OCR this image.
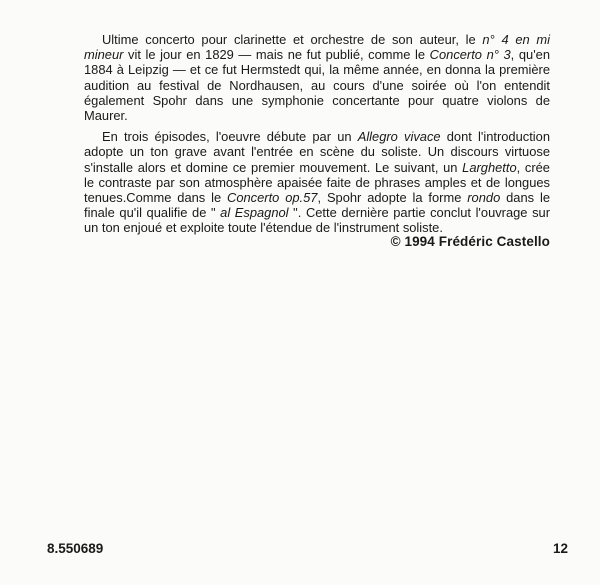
Ultime concerto pour clarinette et orchestre de son auteur, le n° 4 en mi mineur vit le jour en 1829 — mais ne fut publié, comme le Concerto n° 3, qu'en 1884 à Leipzig — et ce fut Hermstedt qui, la même année, en donna la première audition au festival de Nordhausen, au cours d'une soirée où l'on entendit également Spohr dans une symphonie concertante pour quatre violons de Maurer.

En trois épisodes, l'oeuvre débute par un Allegro vivace dont l'introduction adopte un ton grave avant l'entrée en scène du soliste. Un discours virtuose s'installe alors et domine ce premier mouvement. Le suivant, un Larghetto, crée le contraste par son atmosphère apaisée faite de phrases amples et de longues tenues.Comme dans le Concerto op.57, Spohr adopte la forme rondo dans le finale qu'il qualifie de " al Espagnol ". Cette dernière partie conclut l'ouvrage sur un ton enjoué et exploite toute l'étendue de l'instrument soliste.

© 1994 Frédéric Castello
8.550689	12
